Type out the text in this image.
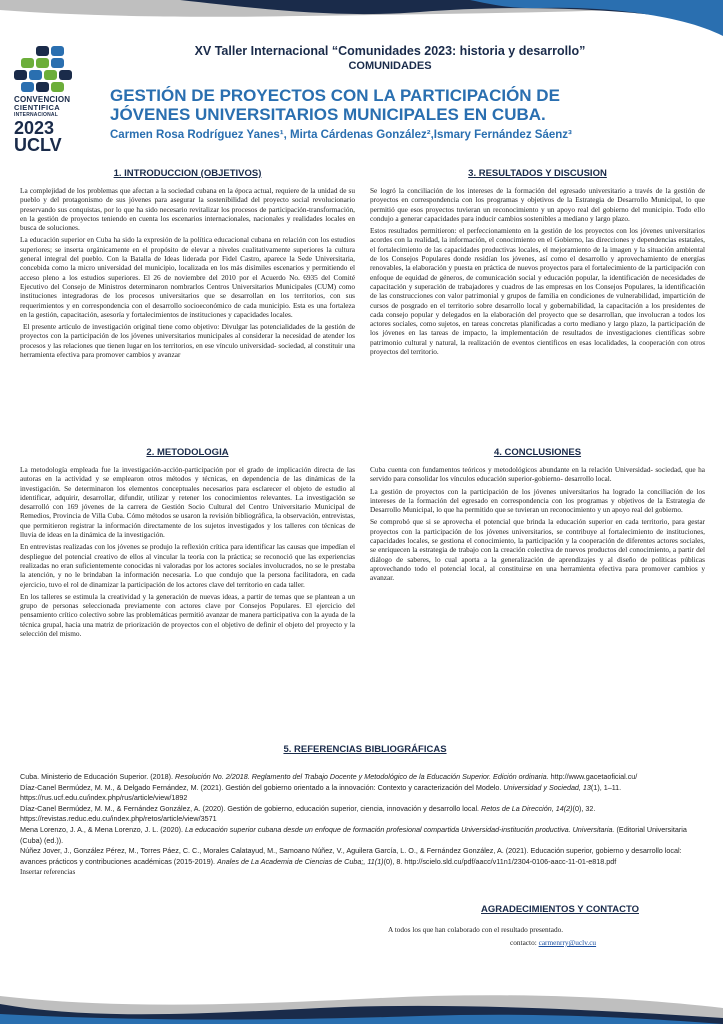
CONVENCION
CIENTIFICA
INTERNACIONAL
2023
UCLV
XV Taller Internacional “Comunidades 2023: historia y desarrollo”
COMUNIDADES
GESTIÓN DE PROYECTOS CON LA PARTICIPACIÓN DE
JÓVENES UNIVERSITARIOS MUNICIPALES EN CUBA.
Carmen Rosa Rodríguez Yanes¹, Mirta Cárdenas González²,Ismary Fernández Sáenz³
1. INTRODUCCION (OBJETIVOS)

La complejidad de los problemas que afectan a la sociedad cubana en la época actual, requiere de la unidad de su pueblo y del protagonismo de sus jóvenes para asegurar la sostenibilidad del proyecto social revolucionario preservando sus conquistas, por lo que ha sido necesario revitalizar los procesos de participación-transformación, en la gestión de proyectos teniendo en cuenta los escenarios internacionales, nacionales y realidades locales en busca de soluciones.

La educación superior en Cuba ha sido la expresión de la política educacional cubana en relación con los estudios superiores; se inserta orgánicamente en el propósito de elevar a niveles cualitativamente superiores la cultura general integral del pueblo. Con la Batalla de Ideas liderada por Fidel Castro, aparece la Sede Universitaria, concebida como la micro universidad del municipio, localizada en los más disímiles escenarios y permitiendo el acceso pleno a los estudios superiores. El 26 de noviembre del 2010 por el Acuerdo No. 6935 del Comité Ejecutivo del Consejo de Ministros determinaron nombrarlos Centros Universitarios Municipales (CUM) como instituciones integradoras de los procesos universitarios que se desarrollan en los territorios, con sus requerimientos y en correspondencia con el desarrollo socioeconómico de cada municipio. Esta es una fortaleza en la gestión, capacitación, asesoría y fortalecimientos de instituciones y capacidades locales.

El presente artículo de investigación original tiene como objetivo: Divulgar las potencialidades de la gestión de proyectos con la participación de los jóvenes universitarios municipales al considerar la necesidad de atender los procesos y las relaciones que tienen lugar en los territorios, en ese vínculo universidad- sociedad, al constituir una herramienta efectiva para promover cambios y avanzar

3. RESULTADOS Y DISCUSION

Se logró la conciliación de los intereses de la formación del egresado universitario a través de la gestión de proyectos en correspondencia con los programas y objetivos de la Estrategia de Desarrollo Municipal, lo que permitió que esos proyectos tuvieran un reconocimiento y un apoyo real del gobierno del municipio. Todo ello condujo a generar capacidades para inducir cambios sostenibles a mediano y largo plazo.

Estos resultados permitieron: el perfeccionamiento en la gestión de los proyectos con los jóvenes universitarios acordes con la realidad, la información, el conocimiento en el Gobierno, las direcciones y dependencias estatales, el fortalecimiento de las capacidades productivas locales, el mejoramiento de la imagen y la situación ambiental de los Consejos Populares donde residían los jóvenes, así como el desarrollo y aprovechamiento de energías renovables, la elaboración y puesta en práctica de nuevos proyectos para el fortalecimiento de la participación con enfoque de equidad de géneros, de comunicación social y educación popular, la identificación de necesidades de capacitación y superación de trabajadores y cuadros de las empresas en los Consejos Populares, la identificación de las construcciones con valor patrimonial y grupos de familia en condiciones de vulnerabilidad, impartición de cursos de posgrado en el territorio sobre desarrollo local y gobernabilidad, la capacitación a los presidentes de cada consejo popular y delegados en la elaboración del proyecto que se desarrollan, que involucran a todos los actores sociales, como sujetos, en tareas concretas planificadas a corto mediano y largo plazo, la participación de los jóvenes en las tareas de impacto, la implementación de resultados de investigaciones científicas sobre patrimonio cultural y natural, la realización de eventos científicos en esas localidades, la cooperación con otros proyectos del territorio.

2. METODOLOGIA

La metodología empleada fue la investigación-acción-participación por el grado de implicación directa de las autoras en la actividad y se emplearon otros métodos y técnicas, en dependencia de las dinámicas de la investigación. Se determinaron los elementos conceptuales necesarios para esclarecer el objeto de estudio al identificar, adquirir, desarrollar, difundir, utilizar y retener los conocimientos relevantes. La investigación se desarrolló con 169 jóvenes de la carrera de Gestión Socio Cultural del Centro Universitario Municipal de Remedios, Provincia de Villa Cuba. Cómo métodos se usaron la revisión bibliográfica, la observación, entrevistas, que permitieron registrar la información directamente de los sujetos investigados y los talleres con técnicas de lluvia de ideas en la dinámica de la investigación.

En entrevistas realizadas con los jóvenes se produjo la reflexión crítica para identificar las causas que impedían el despliegue del potencial creativo de ellos al vincular la teoría con la práctica; se reconoció que las experiencias realizadas no eran suficientemente conocidas ni valoradas por los actores sociales involucrados, no se le prestaba la atención, y no le brindaban la información necesaria. Lo que condujo que la persona facilitadora, en cada ejercicio, tuvo el rol de dinamizar la participación de los actores clave del territorio en cada taller.

En los talleres se estimula la creatividad y la generación de nuevas ideas, a partir de temas que se plantean a un grupo de personas seleccionada previamente con actores clave por Consejos Populares. El ejercicio del pensamiento crítico colectivo sobre las problemáticas permitió avanzar de manera participativa con la ayuda de la técnica grupal, hacia una matriz de priorización de proyectos con el objetivo de definir el objeto del proyecto y la selección del mismo.

4. CONCLUSIONES

Cuba cuenta con fundamentos teóricos y metodológicos abundante en la relación Universidad- sociedad, que ha servido para consolidar los vínculos educación superior-gobierno- desarrollo local.

La gestión de proyectos con la participación de los jóvenes universitarios ha logrado la conciliación de los intereses de la formación del egresado en correspondencia con los programas y objetivos de la Estrategia de Desarrollo Municipal, lo que ha permitido que se tuvieran un reconocimiento y un apoyo real del gobierno.

Se comprobó que si se aprovecha el potencial que brinda la educación superior en cada territorio, para gestar proyectos con la participación de los jóvenes universitarios, se contribuye al fortalecimiento de instituciones, capacidades locales, se gestiona el conocimiento, la participación y la cooperación de diferentes actores sociales, se enriquecen la estrategia de trabajo con la creación colectiva de nuevos productos del conocimiento, a partir del diálogo de saberes, lo cual aporta a la generalización de aprendizajes y al diseño de políticas públicas aprovechando todo el potencial local, al constituirse en una herramienta efectiva para promover cambios y avanzar.

5. REFERENCIAS BIBLIOGRÁFICAS

Cuba. Ministerio de Educación Superior. (2018). Resolución No. 2/2018. Reglamento del Trabajo Docente y Metodológico de la Educación Superior. Edición ordinaria. http://www.gacetaoficial.cu/

Díaz-Canel Bermúdez, M. M., & Delgado Fernández, M. (2021). Gestión del gobierno orientado a la innovación: Contexto y caracterización del Modelo. Universidad y Sociedad, 13(1), 1–11. https://rus.ucf.edu.cu/index.php/rus/article/view/1892

Díaz-Canel Bermúdez, M. M., & Fernández González, A. (2020). Gestión de gobierno, educación superior, ciencia, innovación y desarrollo local. Retos de La Dirección, 14(2)(0), 32. https://revistas.reduc.edu.cu/index.php/retos/article/view/3571

Mena Lorenzo, J. A., & Mena Lorenzo, J. L. (2020). La educación superior cubana desde un enfoque de formación profesional compartida Universidad-institución productiva. Universitaria. (Editorial Universitaria (Cuba) (ed.)).

Núñez Jover, J., González Pérez, M., Torres Páez, C. C., Morales Calatayud, M., Samoano Núñez, V., Aguilera García, L. O., & Fernández González, A. (2021). Educación superior, gobierno y desarrollo local: avances prácticos y contribuciones académicas (2015-2019). Anales de La Academia de Ciencias de Cuba;, 11(1)(0), 8. http://scielo.sld.cu/pdf/aacc/v11n1/2304-0106-aacc-11-01-e818.pdf

Insertar referencias

AGRADECIMIENTOS Y CONTACTO
A todos los que han colaborado con el resultado presentado.
contacto: carmenrry@uclv.cu
